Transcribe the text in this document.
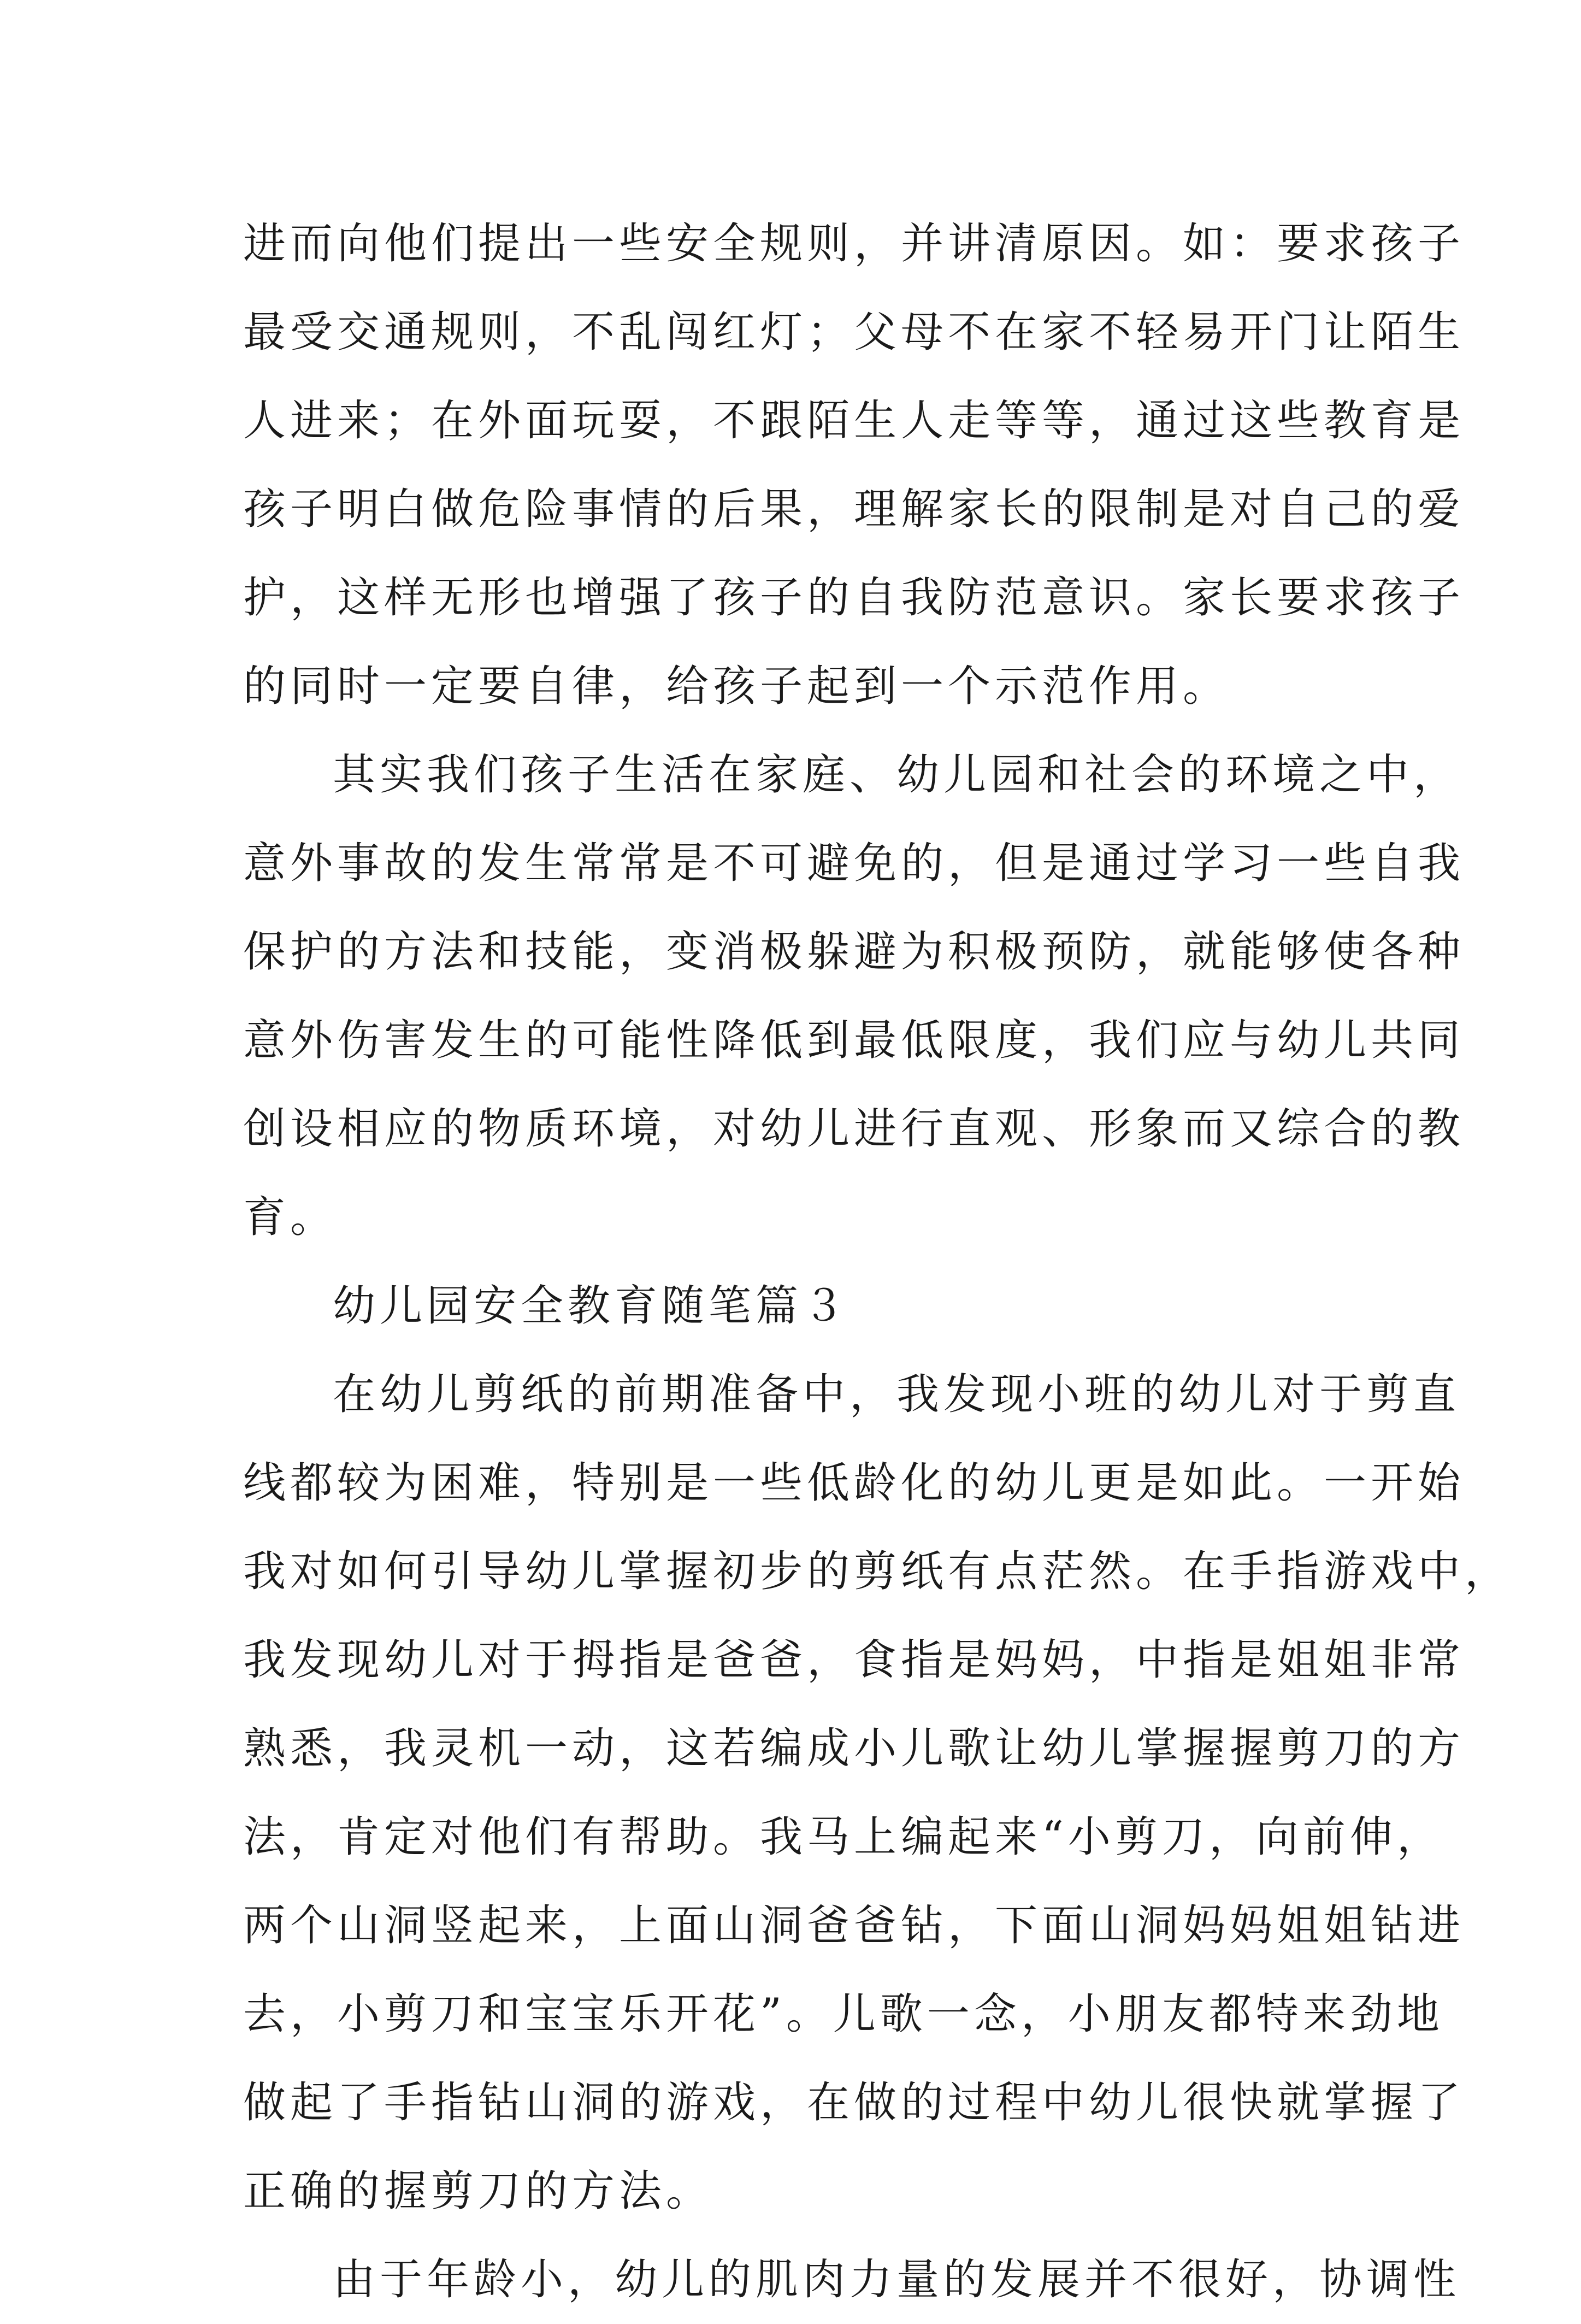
进而向他们提出一些安全规则，并讲清原因。如：要求孩子
最受交通规则，不乱闯红灯；父母不在家不轻易开门让陌生
人进来；在外面玩耍，不跟陌生人走等等，通过这些教育是
孩子明白做危险事情的后果，理解家长的限制是对自己的爱
护，这样无形也增强了孩子的自我防范意识。家长要求孩子
的同时一定要自律，给孩子起到一个示范作用。

其实我们孩子生活在家庭、幼儿园和社会的环境之中，
意外事故的发生常常是不可避免的，但是通过学习一些自我
保护的方法和技能，变消极躲避为积极预防，就能够使各种
意外伤害发生的可能性降低到最低限度，我们应与幼儿共同
创设相应的物质环境，对幼儿进行直观、形象而又综合的教
育。

幼儿园安全教育随笔篇３

在幼儿剪纸的前期准备中，我发现小班的幼儿对于剪直
线都较为困难，特别是一些低龄化的幼儿更是如此。一开始
我对如何引导幼儿掌握初步的剪纸有点茫然。在手指游戏中，
我发现幼儿对于拇指是爸爸，食指是妈妈，中指是姐姐非常
熟悉，我灵机一动，这若编成小儿歌让幼儿掌握握剪刀的方
法，肯定对他们有帮助。我马上编起来“小剪刀，向前伸，
两个山洞竖起来，上面山洞爸爸钻，下面山洞妈妈姐姐钻进
去，小剪刀和宝宝乐开花”。儿歌一念，小朋友都特来劲地
做起了手指钻山洞的游戏，在做的过程中幼儿很快就掌握了
正确的握剪刀的方法。

由于年龄小，幼儿的肌肉力量的发展并不很好，协调性
